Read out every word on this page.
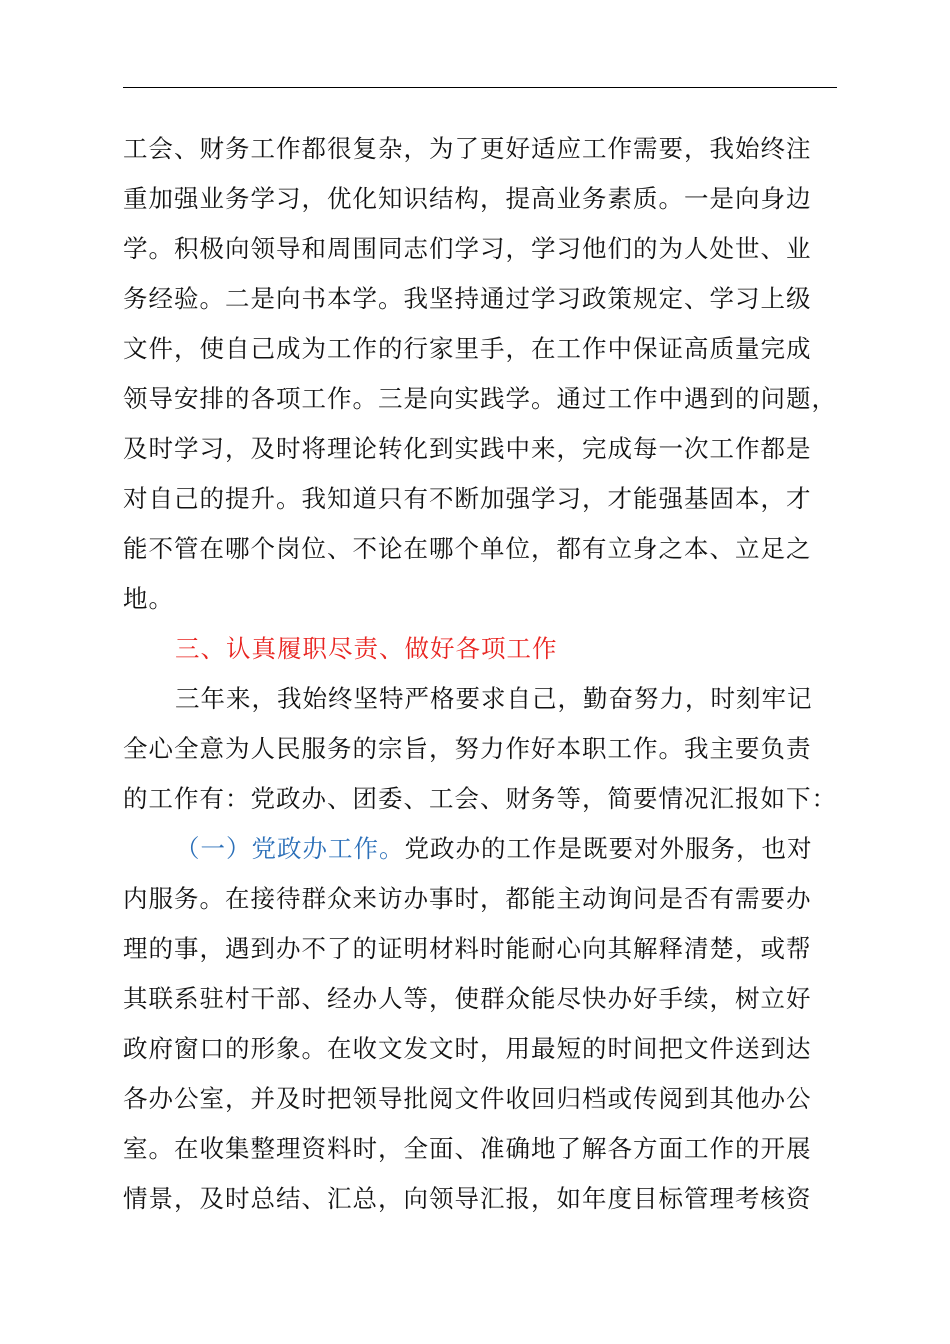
工会、财务工作都很复杂，为了更好适应工作需要，我始终注
重加强业务学习，优化知识结构，提高业务素质。一是向身边
学。积极向领导和周围同志们学习，学习他们的为人处世、业
务经验。二是向书本学。我坚持通过学习政策规定、学习上级
文件，使自己成为工作的行家里手，在工作中保证高质量完成
领导安排的各项工作。三是向实践学。通过工作中遇到的问题，
及时学习，及时将理论转化到实践中来，完成每一次工作都是
对自己的提升。我知道只有不断加强学习，才能强基固本，才
能不管在哪个岗位、不论在哪个单位，都有立身之本、立足之
地。
三、认真履职尽责、做好各项工作
三年来，我始终坚特严格要求自己，勤奋努力，时刻牢记
全心全意为人民服务的宗旨，努力作好本职工作。我主要负责
的工作有：党政办、团委、工会、财务等，简要情况汇报如下：
（一）党政办工作。党政办的工作是既要对外服务，也对
内服务。在接待群众来访办事时，都能主动询问是否有需要办
理的事，遇到办不了的证明材料时能耐心向其解释清楚，或帮
其联系驻村干部、经办人等，使群众能尽快办好手续，树立好
政府窗口的形象。在收文发文时，用最短的时间把文件送到达
各办公室，并及时把领导批阅文件收回归档或传阅到其他办公
室。在收集整理资料时，全面、准确地了解各方面工作的开展
情景，及时总结、汇总，向领导汇报，如年度目标管理考核资
